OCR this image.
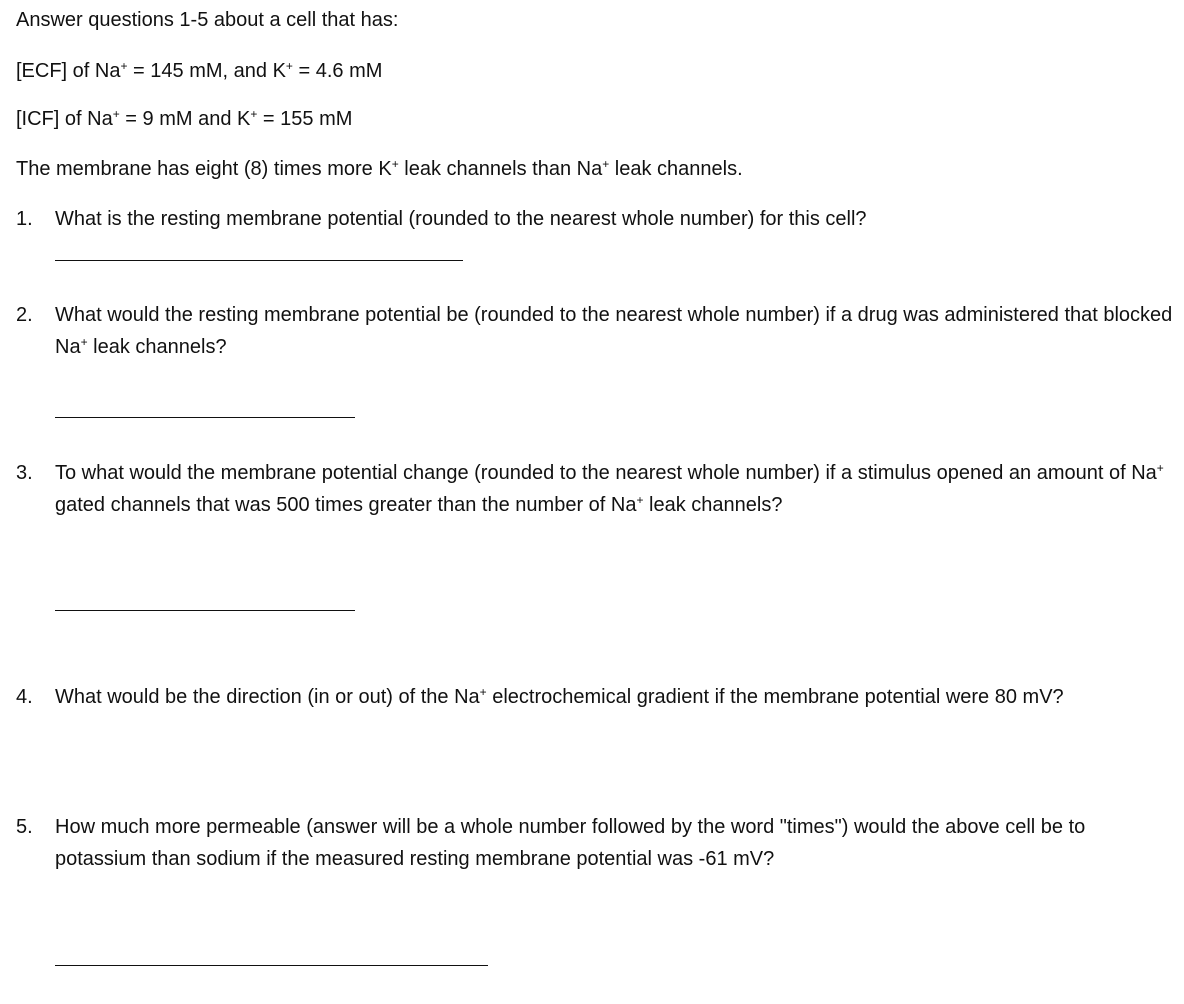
Answer questions 1-5 about a cell that has:
[ECF] of Na+ = 145 mM, and K+ = 4.6 mM
[ICF] of Na+ = 9 mM and K+ = 155 mM
The membrane has eight (8) times more K+ leak channels than Na+ leak channels.
1. What is the resting membrane potential (rounded to the nearest whole number) for this cell?
2. What would the resting membrane potential be (rounded to the nearest whole number) if a drug was administered that blocked Na+ leak channels?
3. To what would the membrane potential change (rounded to the nearest whole number) if a stimulus opened an amount of Na+ gated channels that was 500 times greater than the number of Na+ leak channels?
4. What would be the direction (in or out) of the Na+ electrochemical gradient if the membrane potential were 80 mV?
5. How much more permeable (answer will be a whole number followed by the word "times") would the above cell be to potassium than sodium if the measured resting membrane potential was -61 mV?
